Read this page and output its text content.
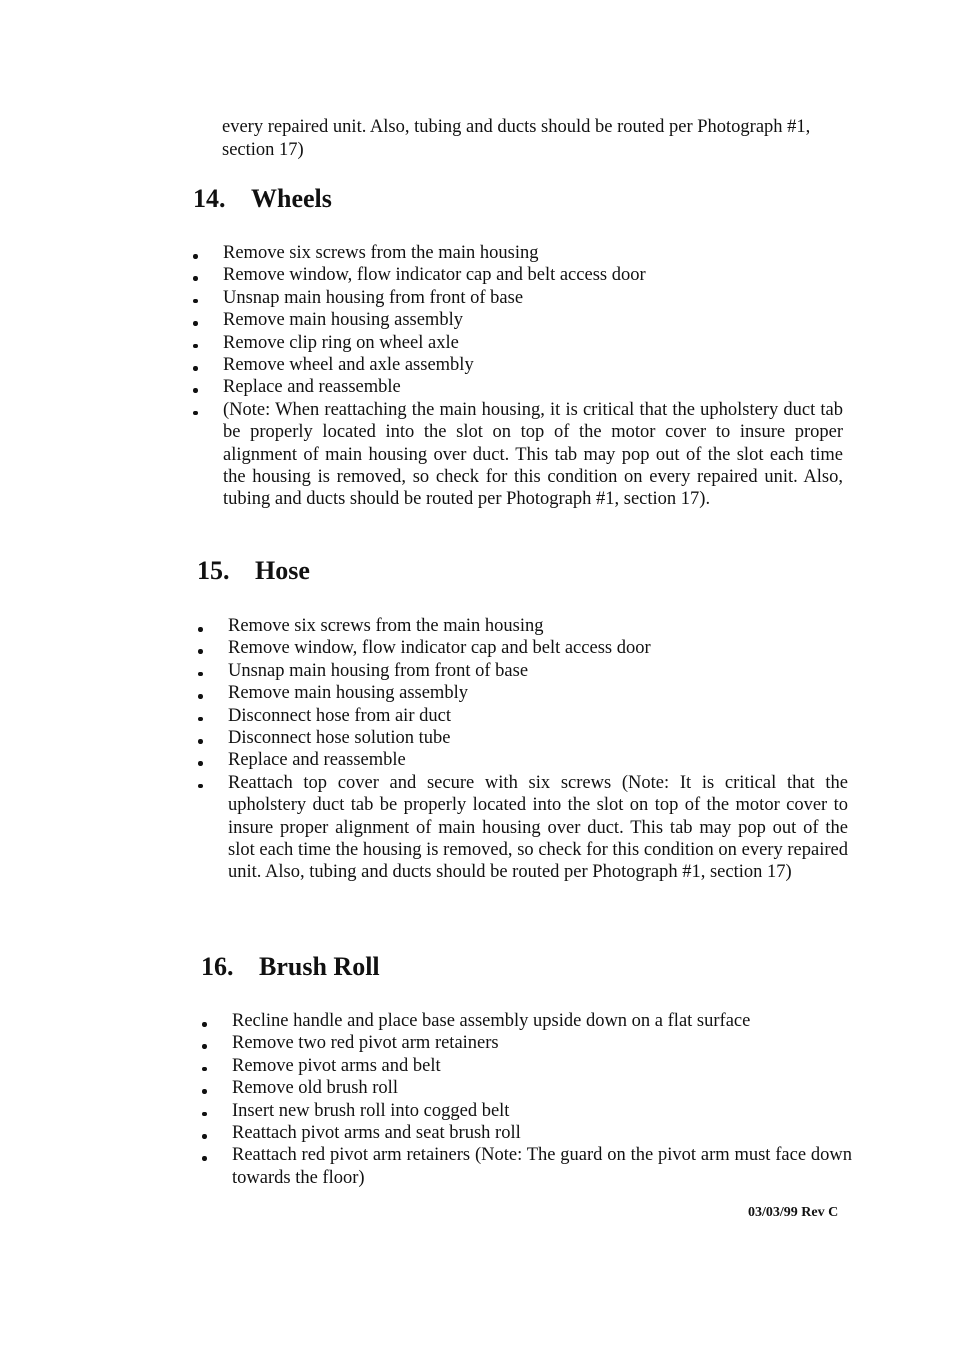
every repaired unit. Also, tubing and ducts should be routed per Photograph #1, section 17)
14. Wheels
Remove six screws from the main housing
Remove window, flow indicator cap and belt access door
Unsnap main housing from front of base
Remove main housing assembly
Remove clip ring on wheel axle
Remove wheel and axle assembly
Replace and reassemble
(Note: When reattaching the main housing, it is critical that the upholstery duct tab be properly located into the slot on top of the motor cover to insure proper alignment of main housing over duct. This tab may pop out of the slot each time the housing is removed, so check for this condition on every repaired unit. Also, tubing and ducts should be routed per Photograph #1, section 17).
15. Hose
Remove six screws from the main housing
Remove window, flow indicator cap and belt access door
Unsnap main housing from front of base
Remove main housing assembly
Disconnect hose from air duct
Disconnect hose solution tube
Replace and reassemble
Reattach top cover and secure with six screws (Note: It is critical that the upholstery duct tab be properly located into the slot on top of the motor cover to insure proper alignment of main housing over duct. This tab may pop out of the slot each time the housing is removed, so check for this condition on every repaired unit. Also, tubing and ducts should be routed per Photograph #1, section 17)
16. Brush Roll
Recline handle and place base assembly upside down on a flat surface
Remove two red pivot arm retainers
Remove pivot arms and belt
Remove old brush roll
Insert new brush roll into cogged belt
Reattach pivot arms and seat brush roll
Reattach red pivot arm retainers (Note: The guard on the pivot arm must face down towards the floor)
03/03/99 Rev C
